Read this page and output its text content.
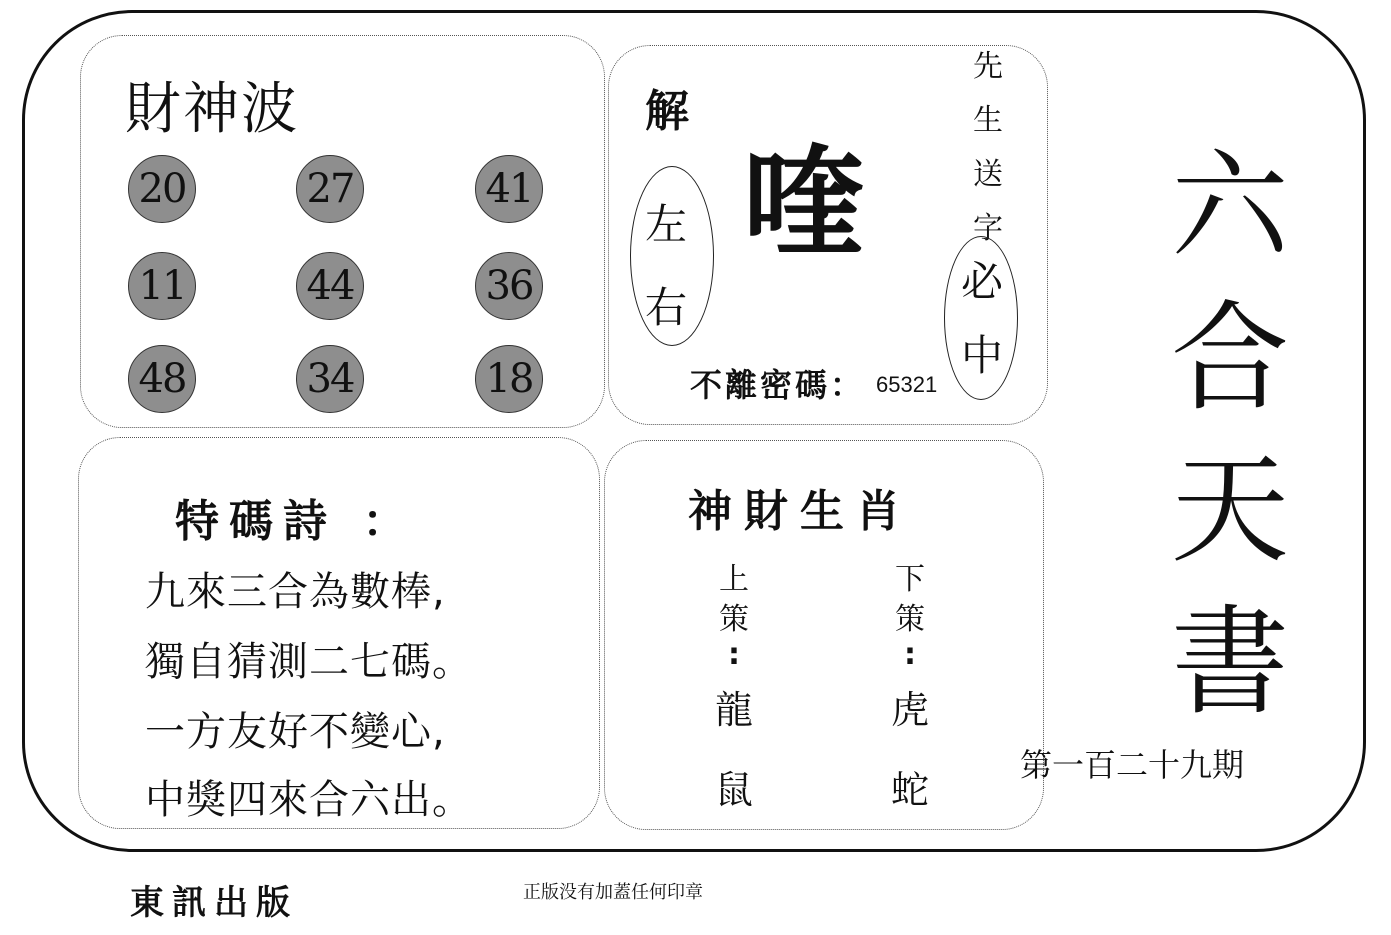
財神波
20	27	41
11	44	36
48	34	18
解
左
右
喹
先
生
送
字
必
中
不離密碼： 65321
特碼詩 ：
九來三合為數棒,
獨自猜測二七碼。
一方友好不變心,
中獎四來合六出。
神財生肖
上
策
:
龍
鼠
下
策
:
虎
蛇
六
合
天
書
第一百二十九期
東訊出版	正版没有加蓋任何印章
